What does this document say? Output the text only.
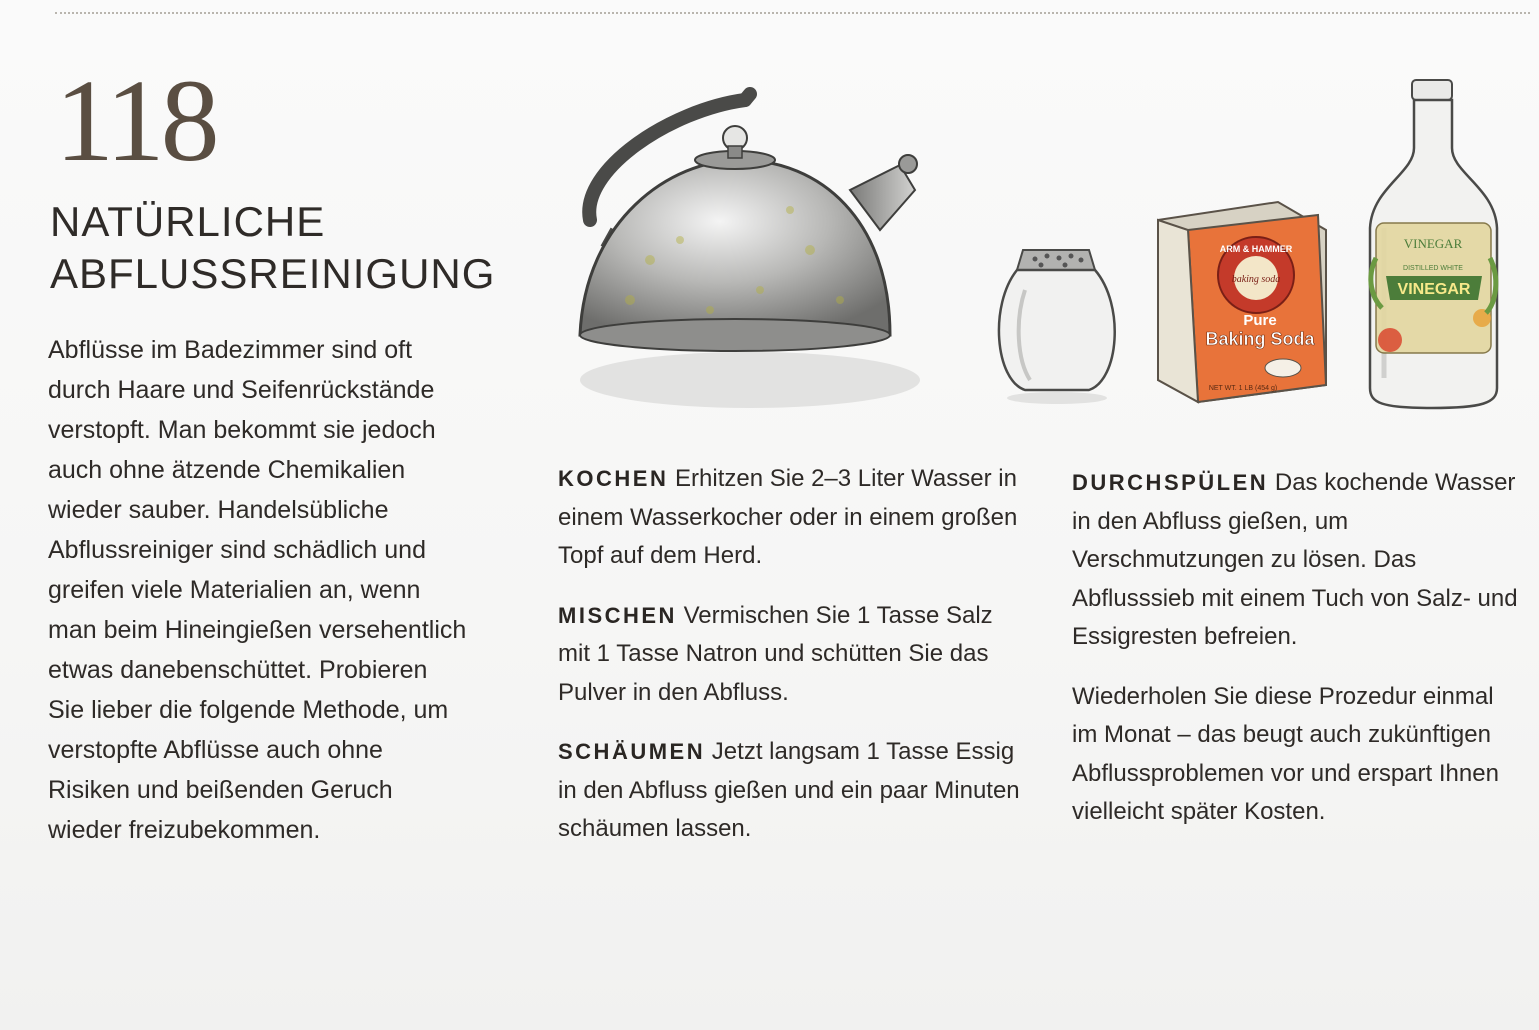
118
NATÜRLICHE
ABFLUSSREINIGUNG

Abflüsse im Badezimmer sind oft durch Haare und Seifenrückstände verstopft. Man bekommt sie jedoch auch ohne ätzende Chemikalien wieder sauber. Handelsübliche Abflussreiniger sind schädlich und greifen viele Materialien an, wenn man beim Hineingießen versehentlich etwas danebenschüttet. Probieren Sie lieber die folgende Methode, um verstopfte Abflüsse auch ohne Risiken und beißenden Geruch wieder freizubekommen.

ARM & HAMMER
baking soda
Pure
Baking Soda
NET WT. 1 LB (454 g)
VINEGAR
DISTILLED WHITE
VINEGAR

KOCHEN Erhitzen Sie 2–3 Liter Wasser in einem Wasserkocher oder in einem großen Topf auf dem Herd.

MISCHEN Vermischen Sie 1 Tasse Salz mit 1 Tasse Natron und schütten Sie das Pulver in den Abfluss.

SCHÄUMEN Jetzt langsam 1 Tasse Essig in den Abfluss gießen und ein paar Minuten schäumen lassen.

DURCHSPÜLEN Das kochende Wasser in den Abfluss gießen, um Verschmutzungen zu lösen. Das Abflusssieb mit einem Tuch von Salz- und Essigresten befreien.

Wiederholen Sie diese Prozedur einmal im Monat – das beugt auch zukünftigen Abflussproblemen vor und erspart Ihnen vielleicht später Kosten.
